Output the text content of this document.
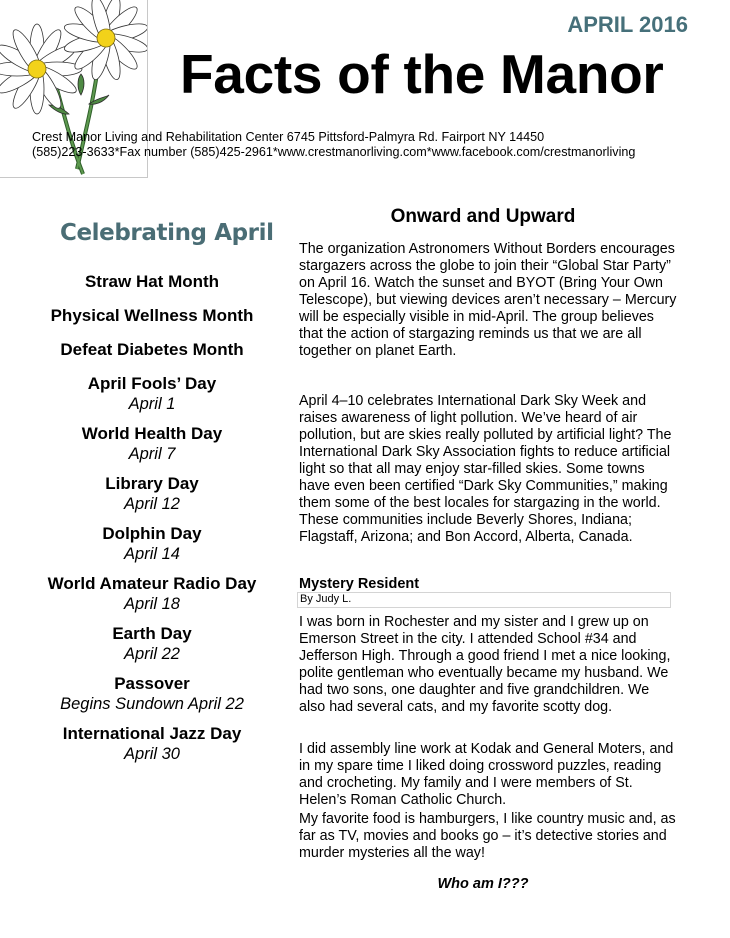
APRIL 2016
Facts of the Manor
Crest Manor Living and Rehabilitation Center 6745 Pittsford-Palmyra Rd. Fairport NY 14450
(585)223-3633*Fax number (585)425-2961*www.crestmanorliving.com*www.facebook.com/crestmanorliving
Celebrating April
Straw Hat Month
Physical Wellness Month
Defeat Diabetes Month
April Fools’ Day
April 1
World Health Day
April 7
Library Day
April 12
Dolphin Day
April 14
World Amateur Radio Day
April 18
Earth Day
April 22
Passover
Begins Sundown April 22
International Jazz Day
April 30
Onward and Upward
The organization Astronomers Without Borders encourages stargazers across the globe to join their “Global Star Party” on April 16. Watch the sunset and BYOT (Bring Your Own Telescope), but viewing devices aren’t necessary – Mercury will be especially visible in mid-April. The group believes that the action of stargazing reminds us that we are all together on planet Earth.
April 4–10 celebrates International Dark Sky Week and raises awareness of light pollution. We’ve heard of air pollution, but are skies really polluted by artificial light? The International Dark Sky Association fights to reduce artificial light so that all may enjoy star-filled skies. Some towns have even been certified “Dark Sky Communities,” making them some of the best locales for stargazing in the world. These communities include Beverly Shores, Indiana; Flagstaff, Arizona; and Bon Accord, Alberta, Canada.
Mystery Resident
By Judy L.
I was born in Rochester and my sister and I grew up on Emerson Street in the city. I attended School #34 and Jefferson High. Through a good friend I met a nice looking, polite gentleman who eventually became my husband. We had two sons, one daughter and five grandchildren. We also had several cats, and my favorite scotty dog.
I did assembly line work at Kodak and General Moters, and in my spare time I liked doing crossword puzzles, reading and crocheting. My family and I were members of St. Helen’s Roman Catholic Church.
My favorite food is hamburgers, I like country music and, as far as TV, movies and books go – it’s detective stories and murder mysteries all the way!
Who am I???
